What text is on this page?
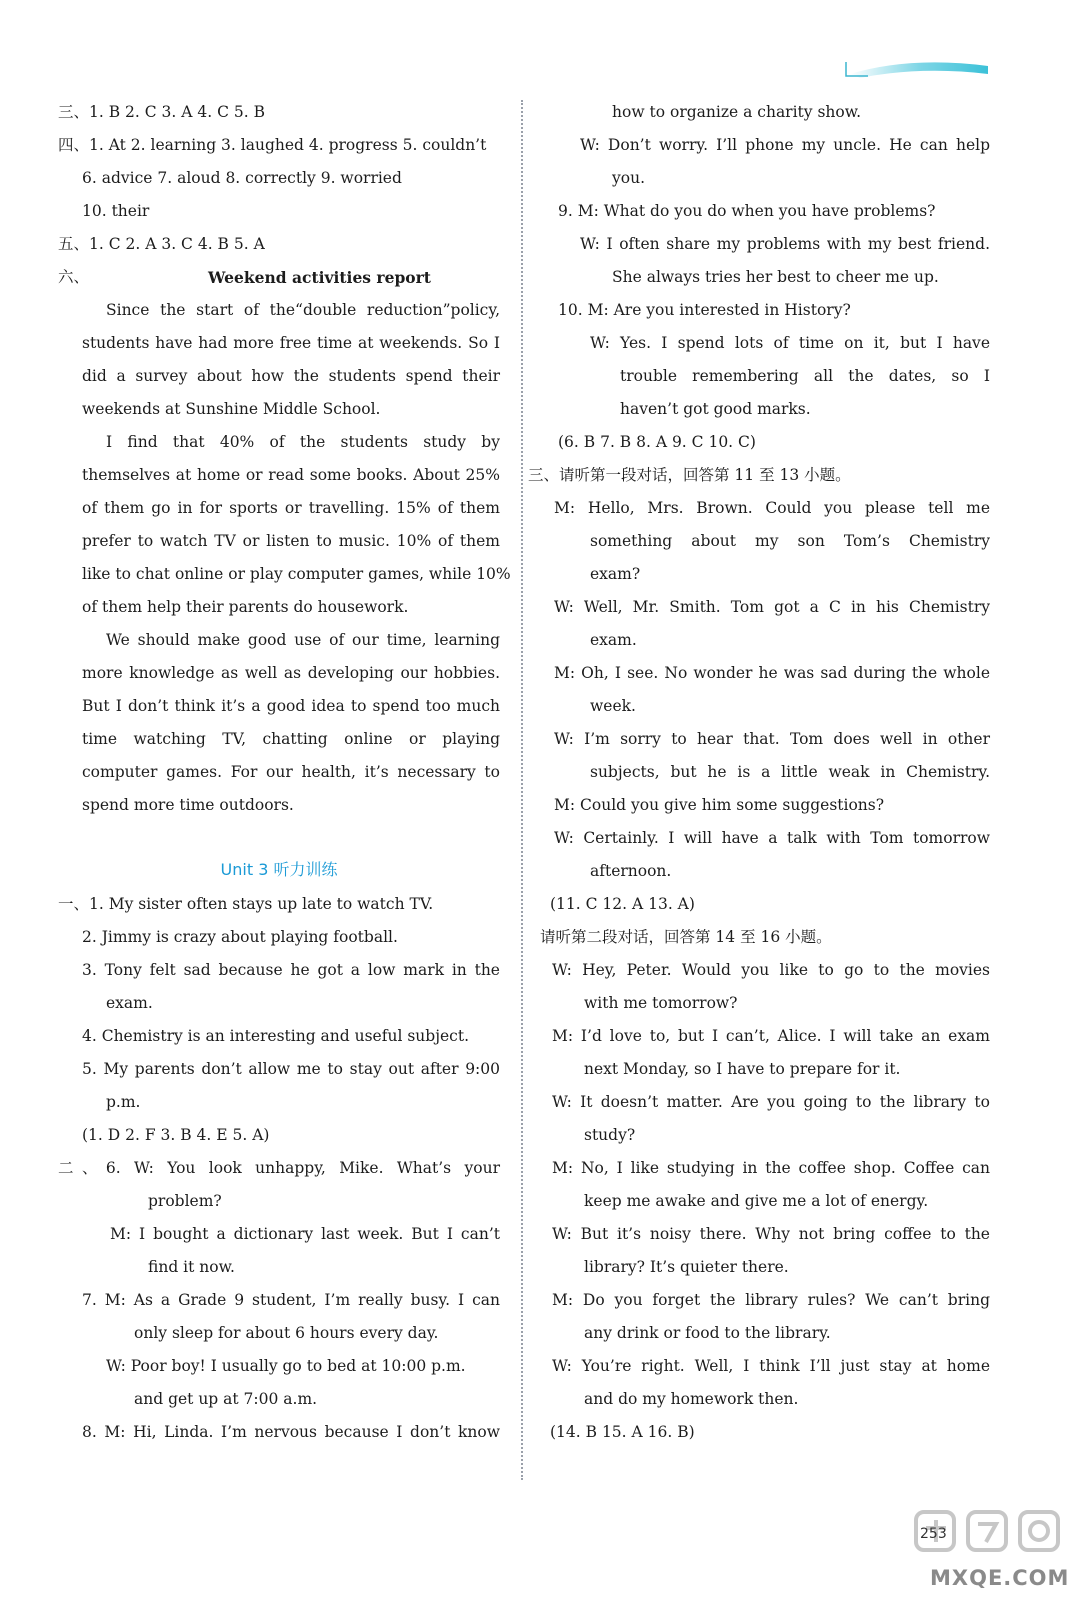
三、1. B 2. C 3. A 4. C 5. B
四、1. At 2. learning 3. laughed 4. progress 5. couldn’t
6. advice 7. aloud 8. correctly 9. worried
10. their
五、1. C 2. A 3. C 4. B 5. A
六、	Weekend activities report
Since the start of the“double reduction”policy,
students have had more free time at weekends. So I
did a survey about how the students spend their
weekends at Sunshine Middle School.
I find that 40% of the students study by
themselves at home or read some books. About 25%
of them go in for sports or travelling. 15% of them
prefer to watch TV or listen to music. 10% of them
like to chat online or play computer games, while 10%
of them help their parents do housework.
We should make good use of our time, learning
more knowledge as well as developing our hobbies.
But I don’t think it’s a good idea to spend too much
time watching TV, chatting online or playing
computer games. For our health, it’s necessary to
spend more time outdoors.
Unit 3 听力训练
一、1. My sister often stays up late to watch TV.
2. Jimmy is crazy about playing football.
3. Tony felt sad because he got a low mark in the
exam.
4. Chemistry is an interesting and useful subject.
5. My parents don’t allow me to stay out after 9:00
p.m.
(1. D 2. F 3. B 4. E 5. A)
二、6. W: You look unhappy, Mike. What’s your
problem?
M: I bought a dictionary last week. But I can’t
find it now.
7. M: As a Grade 9 student, I’m really busy. I can
only sleep for about 6 hours every day.
W: Poor boy! I usually go to bed at 10:00 p.m.
and get up at 7:00 a.m.
8. M: Hi, Linda. I’m nervous because I don’t know
how to organize a charity show.
W: Don’t worry. I’ll phone my uncle. He can help
you.
9. M: What do you do when you have problems?
W: I often share my problems with my best friend.
She always tries her best to cheer me up.
10. M: Are you interested in History?
W: Yes. I spend lots of time on it, but I have
trouble remembering all the dates, so I
haven’t got good marks.
(6. B 7. B 8. A 9. C 10. C)
三、请听第一段对话，回答第 11 至 13 小题。
M: Hello, Mrs. Brown. Could you please tell me
something about my son Tom’s Chemistry
exam?
W: Well, Mr. Smith. Tom got a C in his Chemistry
exam.
M: Oh, I see. No wonder he was sad during the whole
week.
W: I’m sorry to hear that. Tom does well in other
subjects, but he is a little weak in Chemistry.
M: Could you give him some suggestions?
W: Certainly. I will have a talk with Tom tomorrow
afternoon.
(11. C 12. A 13. A)
请听第二段对话，回答第 14 至 16 小题。
W: Hey, Peter. Would you like to go to the movies
with me tomorrow?
M: I’d love to, but I can’t, Alice. I will take an exam
next Monday, so I have to prepare for it.
W: It doesn’t matter. Are you going to the library to
study?
M: No, I like studying in the coffee shop. Coffee can
keep me awake and give me a lot of energy.
W: But it’s noisy there. Why not bring coffee to the
library? It’s quieter there.
M: Do you forget the library rules? We can’t bring
any drink or food to the library.
W: You’re right. Well, I think I’ll just stay at home
and do my homework then.
(14. B 15. A 16. B)
253
MXQE.COM
